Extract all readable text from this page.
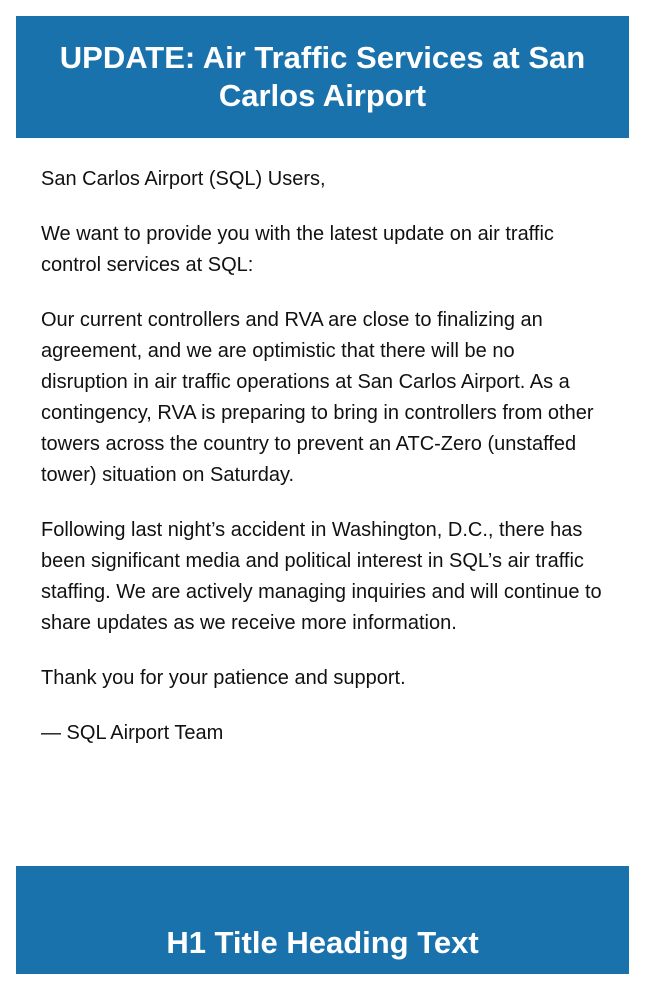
UPDATE: Air Traffic Services at San Carlos Airport

San Carlos Airport (SQL) Users,

We want to provide you with the latest update on air traffic control services at SQL:

Our current controllers and RVA are close to finalizing an agreement, and we are optimistic that there will be no disruption in air traffic operations at San Carlos Airport. As a contingency, RVA is preparing to bring in controllers from other towers across the country to prevent an ATC-Zero (unstaffed tower) situation on Saturday.

Following last night’s accident in Washington, D.C., there has been significant media and political interest in SQL’s air traffic staffing. We are actively managing inquiries and will continue to share updates as we receive more information.

Thank you for your patience and support.

— SQL Airport Team

H1 Title Heading Text
